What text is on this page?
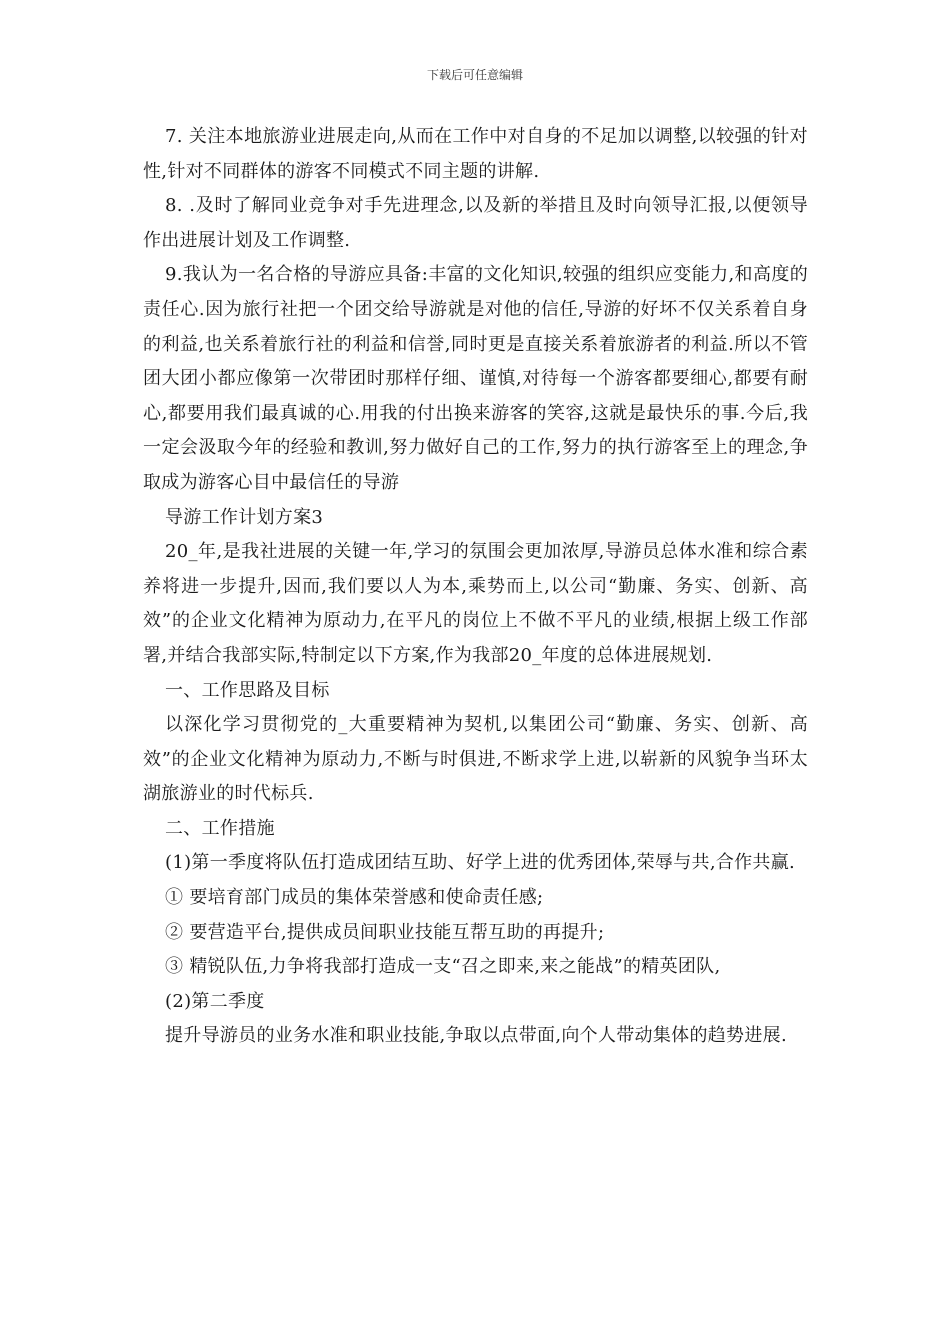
下载后可任意编辑

7. 关注本地旅游业进展走向,从而在工作中对自身的不足加以调整,以较强的针对性,针对不同群体的游客不同模式不同主题的讲解.

8. .及时了解同业竞争对手先进理念,以及新的举措且及时向领导汇报,以便领导作出进展计划及工作调整.

9.我认为一名合格的导游应具备:丰富的文化知识,较强的组织应变能力,和高度的责任心.因为旅行社把一个团交给导游就是对他的信任,导游的好坏不仅关系着自身的利益,也关系着旅行社的利益和信誉,同时更是直接关系着旅游者的利益.所以不管团大团小都应像第一次带团时那样仔细、谨慎,对待每一个游客都要细心,都要有耐心,都要用我们最真诚的心.用我的付出换来游客的笑容,这就是最快乐的事.今后,我一定会汲取今年的经验和教训,努力做好自己的工作,努力的执行游客至上的理念,争取成为游客心目中最信任的导游

导游工作计划方案3

20_年,是我社进展的关键一年,学习的氛围会更加浓厚,导游员总体水准和综合素养将进一步提升,因而,我们要以人为本,乘势而上,以公司“勤廉、务实、创新、高效”的企业文化精神为原动力,在平凡的岗位上不做不平凡的业绩,根据上级工作部署,并结合我部实际,特制定以下方案,作为我部20_年度的总体进展规划.

一、工作思路及目标

以深化学习贯彻党的_大重要精神为契机,以集团公司“勤廉、务实、创新、高效”的企业文化精神为原动力,不断与时俱进,不断求学上进,以崭新的风貌争当环太湖旅游业的时代标兵.

二、工作措施

(1)第一季度将队伍打造成团结互助、好学上进的优秀团体,荣辱与共,合作共赢.

① 要培育部门成员的集体荣誉感和使命责任感;

② 要营造平台,提供成员间职业技能互帮互助的再提升;

③ 精锐队伍,力争将我部打造成一支“召之即来,来之能战”的精英团队,

(2)第二季度

提升导游员的业务水准和职业技能,争取以点带面,向个人带动集体的趋势进展.
